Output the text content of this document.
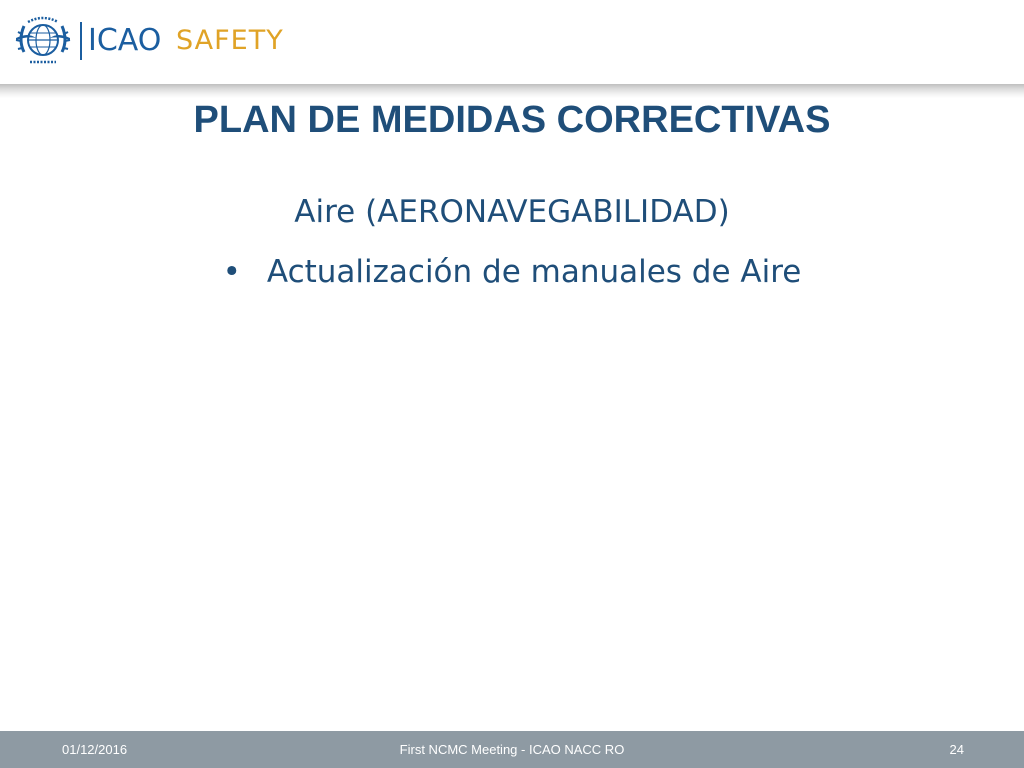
ICAO SAFETY
PLAN DE MEDIDAS CORRECTIVAS
Aire (AERONAVEGABILIDAD)
• Actualización de manuales de Aire
01/12/2016	First NCMC Meeting - ICAO NACC RO	24
